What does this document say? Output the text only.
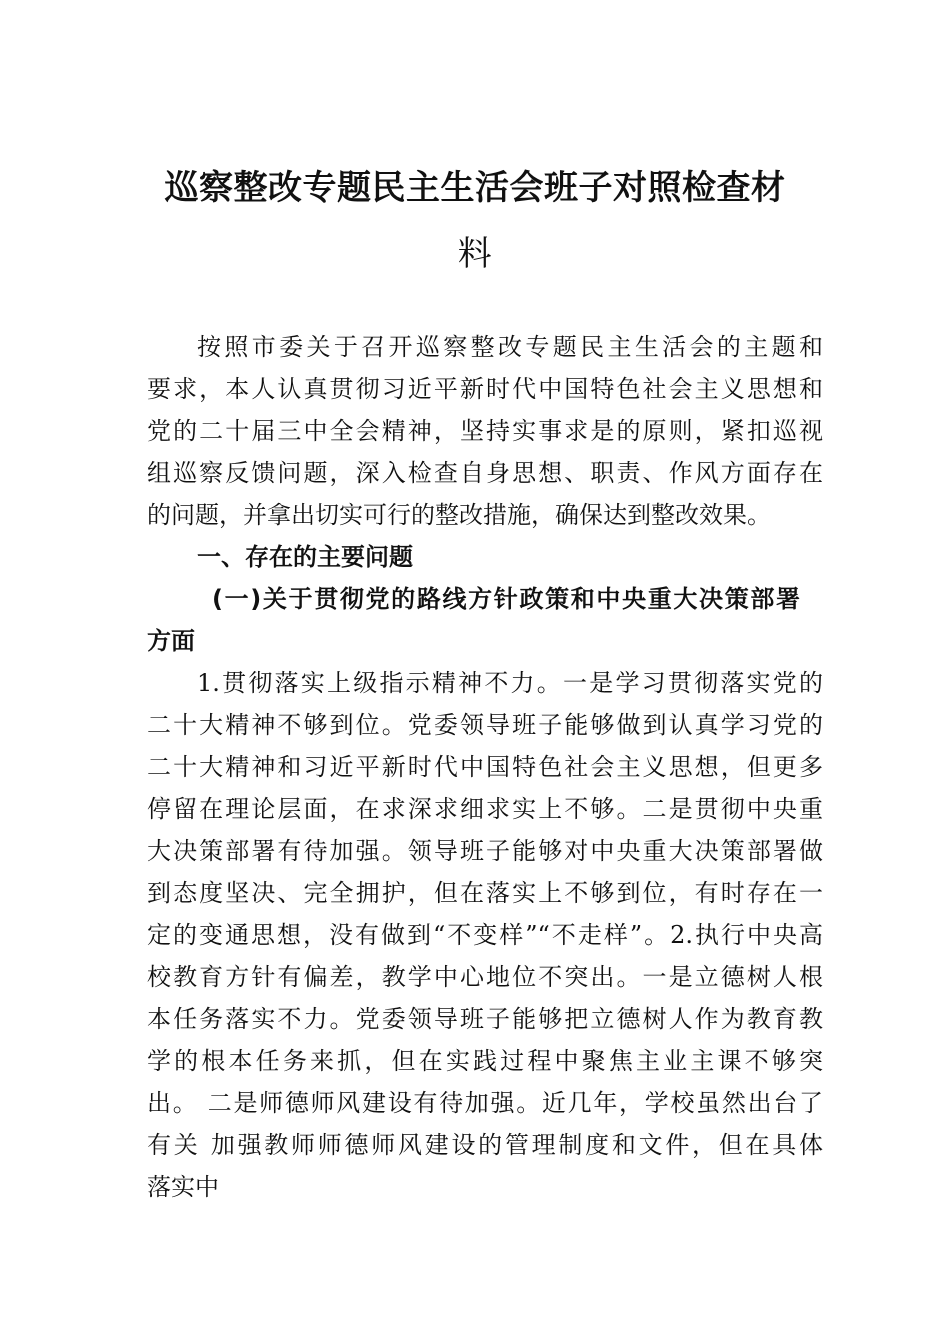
巡察整改专题民主生活会班子对照检查材
料
按照市委关于召开巡察整改专题民主生活会的主题和
要求，本人认真贯彻习近平新时代中国特色社会主义思想和
党的二十届三中全会精神，坚持实事求是的原则，紧扣巡视
组巡察反馈问题，深入检查自身思想、职责、作风方面存在
的问题，并拿出切实可行的整改措施，确保达到整改效果。
一、存在的主要问题
(一)关于贯彻党的路线方针政策和中央重大决策部署
方面
1.贯彻落实上级指示精神不力。一是学习贯彻落实党的
二十大精神不够到位。党委领导班子能够做到认真学习党的
二十大精神和习近平新时代中国特色社会主义思想，但更多
停留在理论层面，在求深求细求实上不够。二是贯彻中央重
大决策部署有待加强。领导班子能够对中央重大决策部署做
到态度坚决、完全拥护，但在落实上不够到位，有时存在一
定的变通思想，没有做到“不变样”“不走样”。2.执行中央高
校教育方针有偏差，教学中心地位不突出。一是立德树人根
本任务落实不力。党委领导班子能够把立德树人作为教育教
学的根本任务来抓，但在实践过程中聚焦主业主课不够突
出。 二是师德师风建设有待加强。近几年，学校虽然出台了
有关 加强教师师德师风建设的管理制度和文件，但在具体
落实中
